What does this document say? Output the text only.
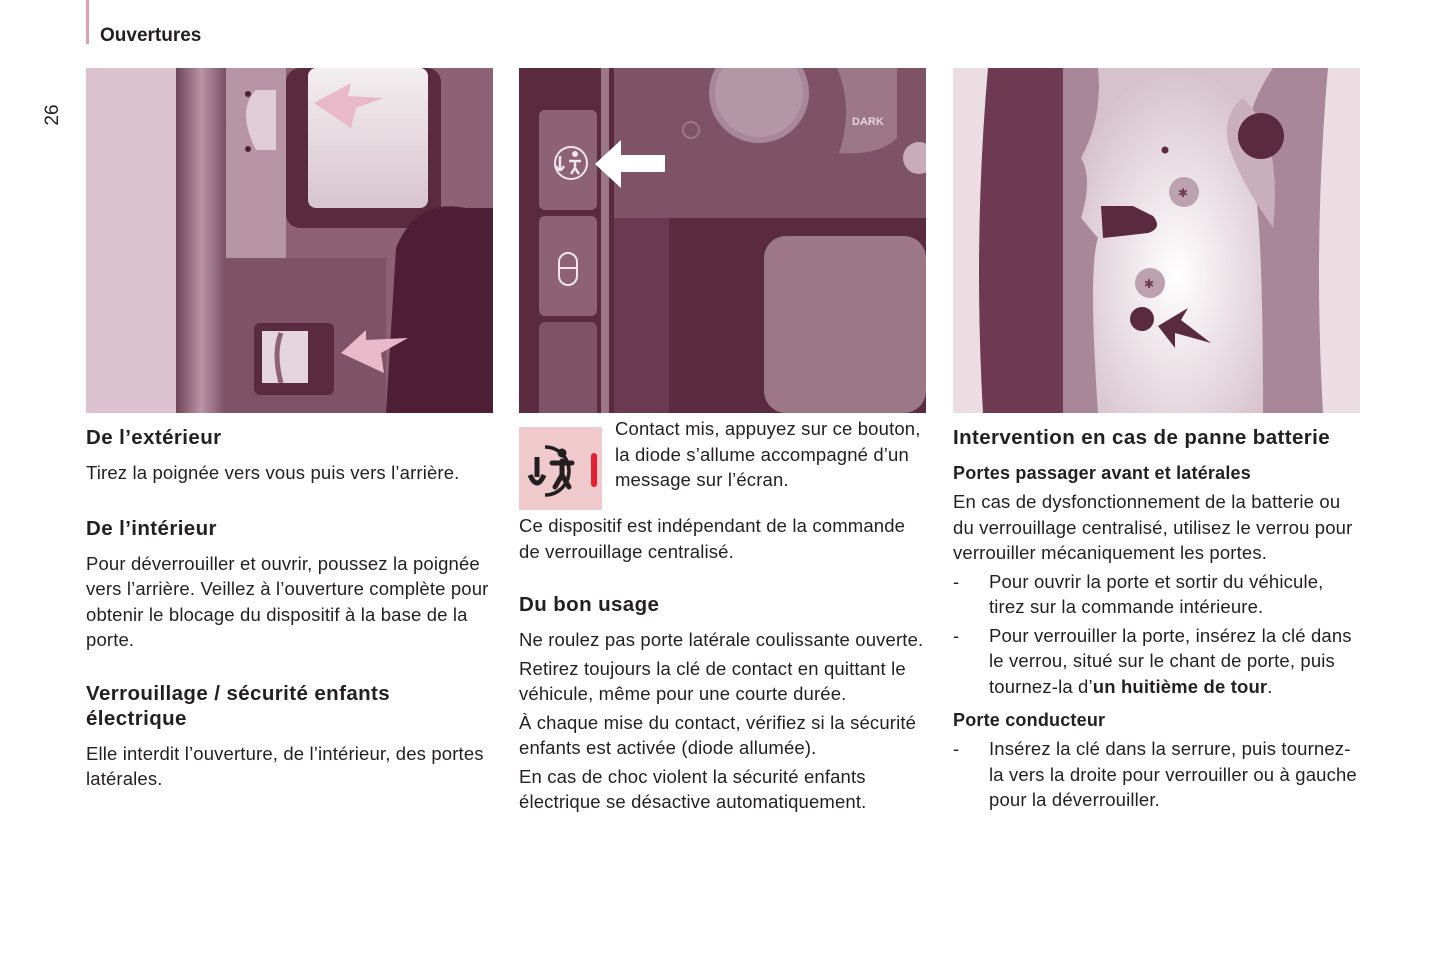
Ouvertures
26
De l’extérieur

Tirez la poignée vers vous puis vers l’arrière.

De l’intérieur

Pour déverrouiller et ouvrir, poussez la poignée vers l’arrière. Veillez à l’ouverture complète pour obtenir le blocage du dispositif à la base de la porte.

Verrouillage / sécurité enfants électrique

Elle interdit l’ouverture, de l’intérieur, des portes latérales.

DARK

Contact mis, appuyez sur ce bouton, la diode s’allume accompagné d’un message sur l’écran.

Ce dispositif est indépendant de la commande de verrouillage centralisé.

Du bon usage

Ne roulez pas porte latérale coulissante ouverte.

Retirez toujours la clé de contact en quittant le véhicule, même pour une courte durée.

À chaque mise du contact, vérifiez si la sécurité enfants est activée (diode allumée).

En cas de choc violent la sécurité enfants électrique se désactive automatiquement.

✱
✱
Intervention en cas de panne batterie
Portes passager avant et latérales

En cas de dysfonctionnement de la batterie ou du verrouillage centralisé, utilisez le verrou pour verrouiller mécaniquement les portes.

-	Pour ouvrir la porte et sortir du véhicule, tirez sur la commande intérieure.
-	Pour verrouiller la porte, insérez la clé dans le verrou, situé sur le chant de porte, puis tournez-la d’un huitième de tour.
Porte conducteur
-	Insérez la clé dans la serrure, puis tournez-la vers la droite pour verrouiller ou à gauche pour la déverrouiller.
